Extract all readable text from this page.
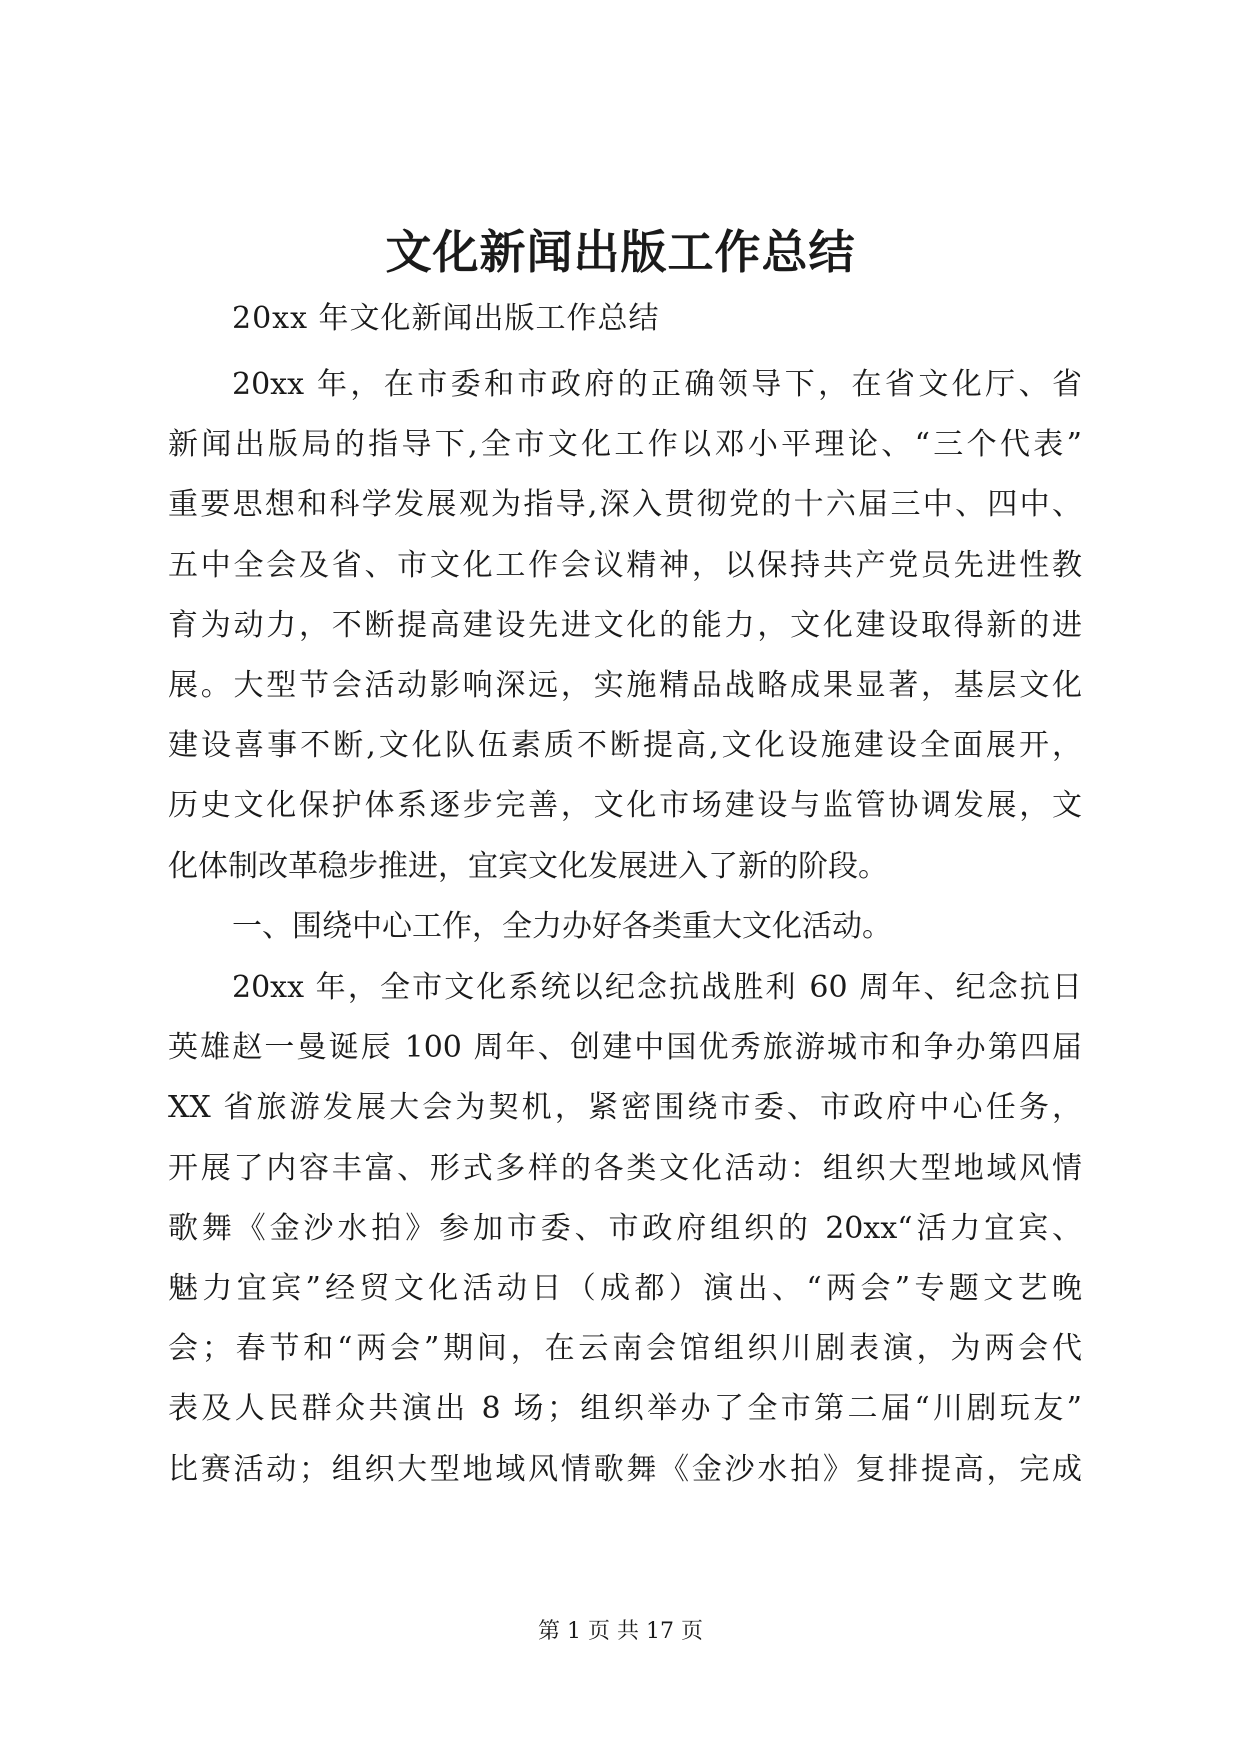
文化新闻出版工作总结
20xx 年文化新闻出版工作总结
20xx 年，在市委和市政府的正确领导下，在省文化厅、省
新闻出版局的指导下,全市文化工作以邓小平理论、“三个代表”
重要思想和科学发展观为指导,深入贯彻党的十六届三中、四中、
五中全会及省、市文化工作会议精神，以保持共产党员先进性教
育为动力，不断提高建设先进文化的能力，文化建设取得新的进
展。大型节会活动影响深远，实施精品战略成果显著，基层文化
建设喜事不断,文化队伍素质不断提高,文化设施建设全面展开，
历史文化保护体系逐步完善，文化市场建设与监管协调发展，文
化体制改革稳步推进，宜宾文化发展进入了新的阶段。
一、围绕中心工作，全力办好各类重大文化活动。
20xx 年，全市文化系统以纪念抗战胜利 60 周年、纪念抗日
英雄赵一曼诞辰 100 周年、创建中国优秀旅游城市和争办第四届
XX 省旅游发展大会为契机，紧密围绕市委、市政府中心任务，
开展了内容丰富、形式多样的各类文化活动：组织大型地域风情
歌舞《金沙水拍》参加市委、市政府组织的 20xx“活力宜宾、
魅力宜宾”经贸文化活动日（成都）演出、“两会”专题文艺晚
会；春节和“两会”期间，在云南会馆组织川剧表演，为两会代
表及人民群众共演出 8 场；组织举办了全市第二届“川剧玩友”
比赛活动；组织大型地域风情歌舞《金沙水拍》复排提高，完成
第 1 页 共 17 页
